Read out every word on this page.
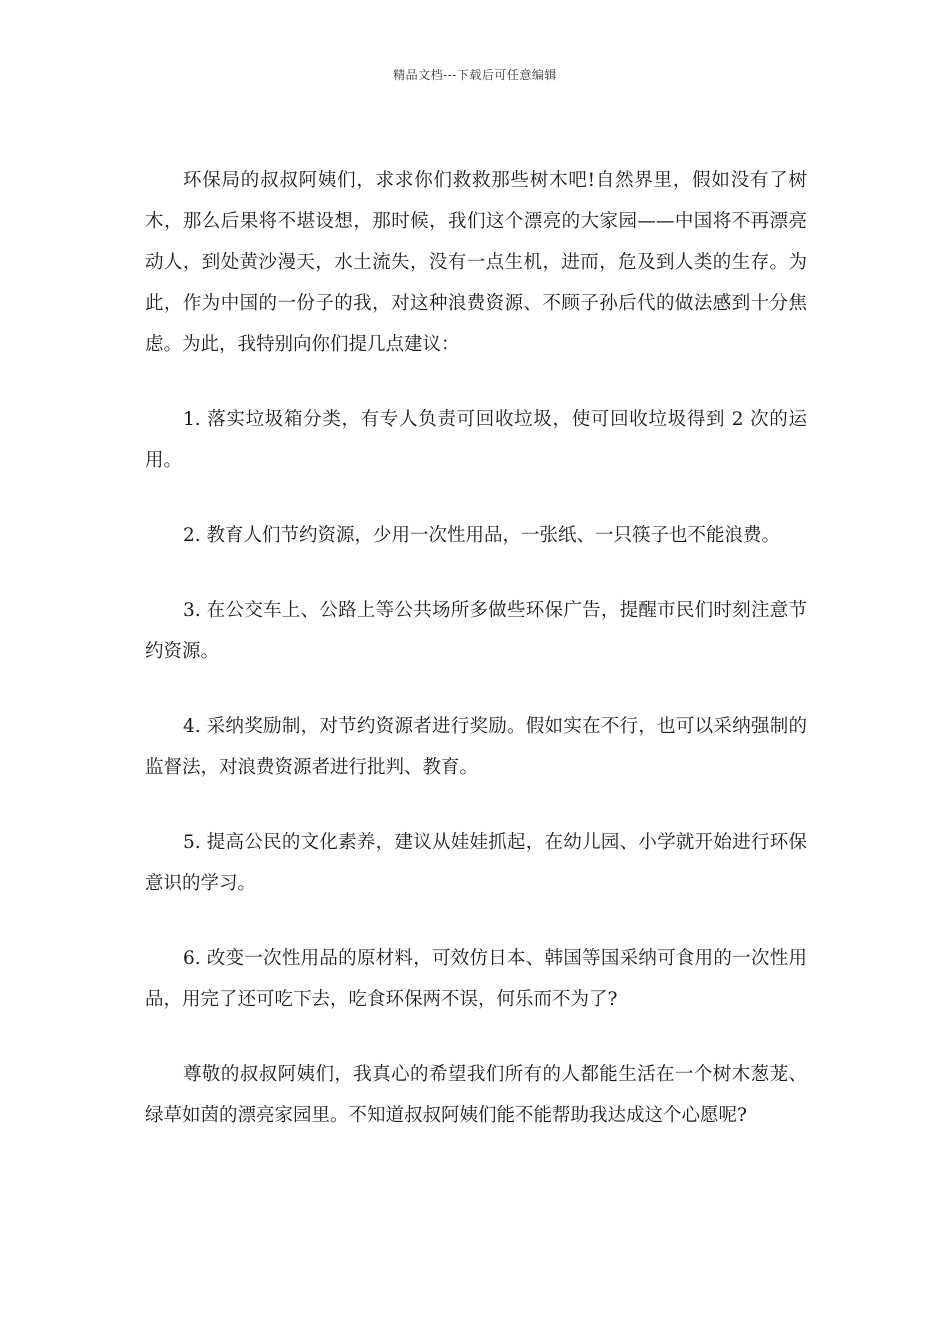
精品文档---下载后可任意编辑

环保局的叔叔阿姨们，求求你们救救那些树木吧!自然界里，假如没有了树木，那么后果将不堪设想，那时候，我们这个漂亮的大家园——中国将不再漂亮动人，到处黄沙漫天，水土流失，没有一点生机，进而，危及到人类的生存。为此，作为中国的一份子的我，对这种浪费资源、不顾子孙后代的做法感到十分焦虑。为此，我特别向你们提几点建议：

1. 落实垃圾箱分类，有专人负责可回收垃圾，使可回收垃圾得到 2 次的运用。

2. 教育人们节约资源，少用一次性用品，一张纸、一只筷子也不能浪费。

3. 在公交车上、公路上等公共场所多做些环保广告，提醒市民们时刻注意节约资源。

4. 采纳奖励制，对节约资源者进行奖励。假如实在不行，也可以采纳强制的监督法，对浪费资源者进行批判、教育。

5. 提高公民的文化素养，建议从娃娃抓起，在幼儿园、小学就开始进行环保意识的学习。

6. 改变一次性用品的原材料，可效仿日本、韩国等国采纳可食用的一次性用品，用完了还可吃下去，吃食环保两不误，何乐而不为了?

尊敬的叔叔阿姨们，我真心的希望我们所有的人都能生活在一个树木葱茏、绿草如茵的漂亮家园里。不知道叔叔阿姨们能不能帮助我达成这个心愿呢?
